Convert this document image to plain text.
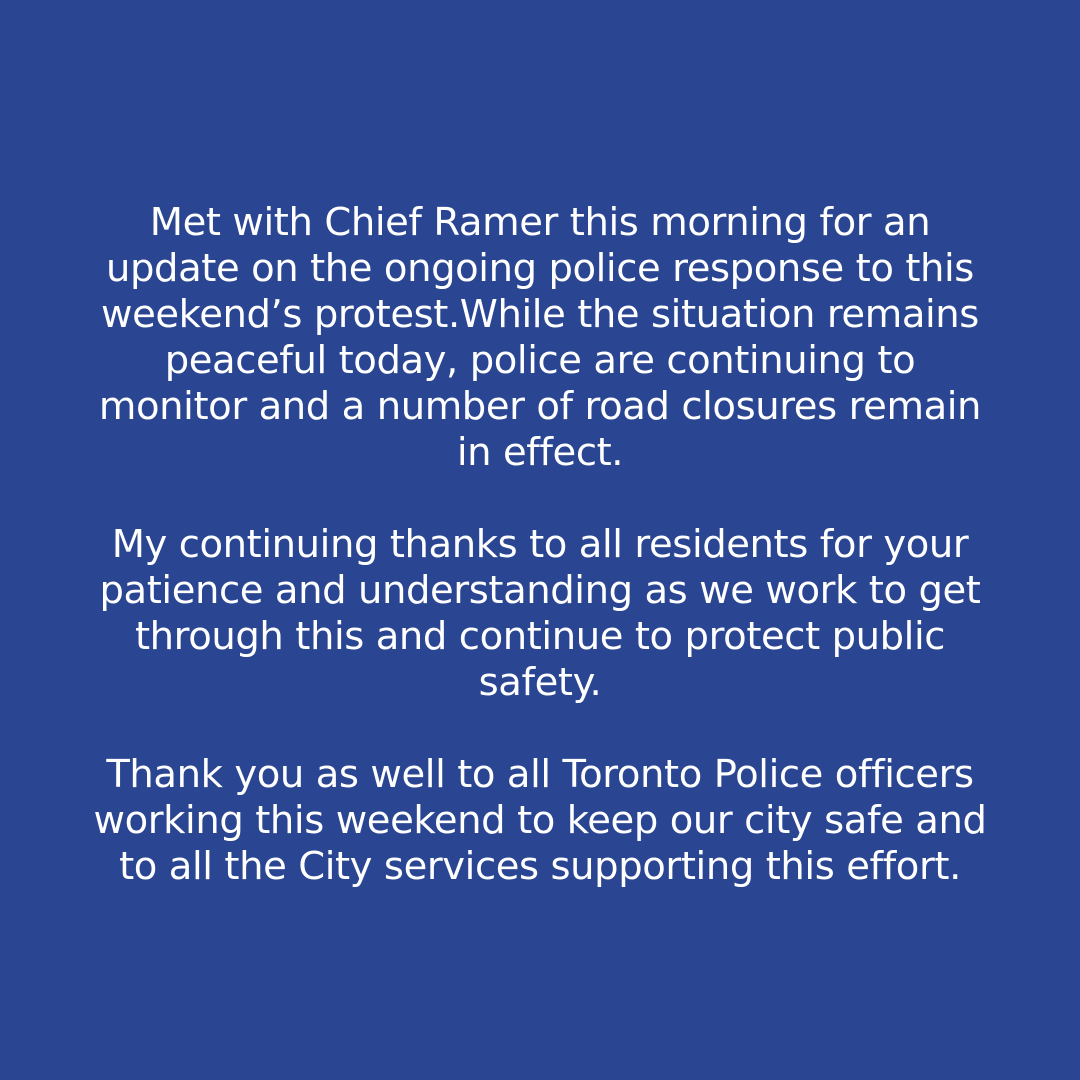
Met with Chief Ramer this morning for an
update on the ongoing police response to this
weekend’s protest.While the situation remains
peaceful today, police are continuing to
monitor and a number of road closures remain
in effect.

My continuing thanks to all residents for your
patience and understanding as we work to get
through this and continue to protect public
safety.

Thank you as well to all Toronto Police officers
working this weekend to keep our city safe and
to all the City services supporting this effort.
